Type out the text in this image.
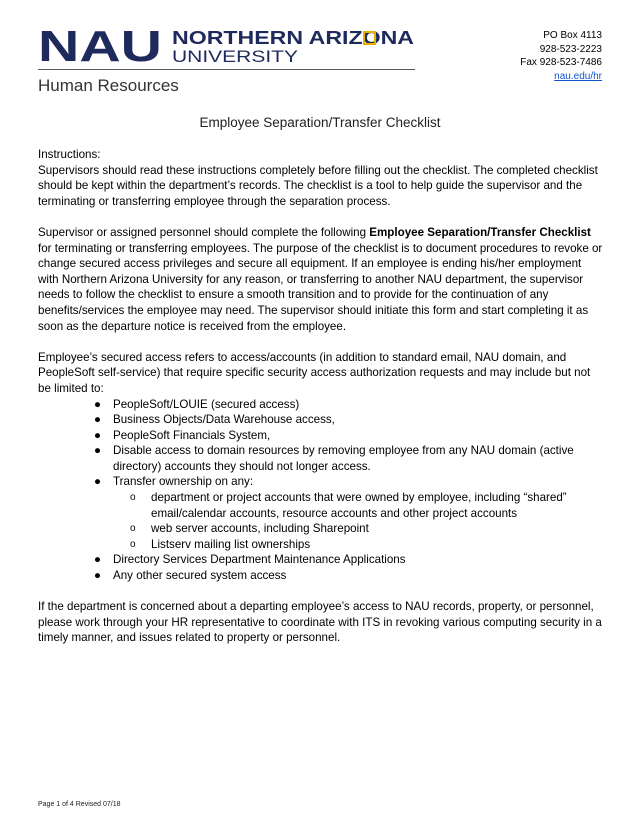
NAU NORTHERN ARIZONA
UNIVERSITY
Human Resources
PO Box 4113
928-523-2223
Fax 928-523-7486
nau.edu/hr
Employee Separation/Transfer Checklist

Instructions:

Supervisors should read these instructions completely before filling out the checklist. The completed checklist should be kept within the department’s records. The checklist is a tool to help guide the supervisor and the terminating or transferring employee through the separation process.

Supervisor or assigned personnel should complete the following Employee Separation/Transfer Checklist for terminating or transferring employees. The purpose of the checklist is to document procedures to revoke or change secured access privileges and secure all equipment. If an employee is ending his/her employment with Northern Arizona University for any reason, or transferring to another NAU department, the supervisor needs to follow the checklist to ensure a smooth transition and to provide for the continuation of any benefits/services the employee may need. The supervisor should initiate this form and start completing it as soon as the departure notice is received from the employee.

Employee’s secured access refers to access/accounts (in addition to standard email, NAU domain, and PeopleSoft self-service) that require specific security access authorization requests and may include but not be limited to:

● PeopleSoft/LOUIE (secured access)
● Business Objects/Data Warehouse access,
● PeopleSoft Financials System,
● Disable access to domain resources by removing employee from any NAU domain (active directory) accounts they should not longer access.
● Transfer ownership on any:
o department or project accounts that were owned by employee, including “shared” email/calendar accounts, resource accounts and other project accounts
o web server accounts, including Sharepoint
o Listserv mailing list ownerships
● Directory Services Department Maintenance Applications
● Any other secured system access

If the department is concerned about a departing employee’s access to NAU records, property, or personnel, please work through your HR representative to coordinate with ITS in revoking various computing security in a timely manner, and issues related to property or personnel.

Page 1 of 4 Revised 07/18
